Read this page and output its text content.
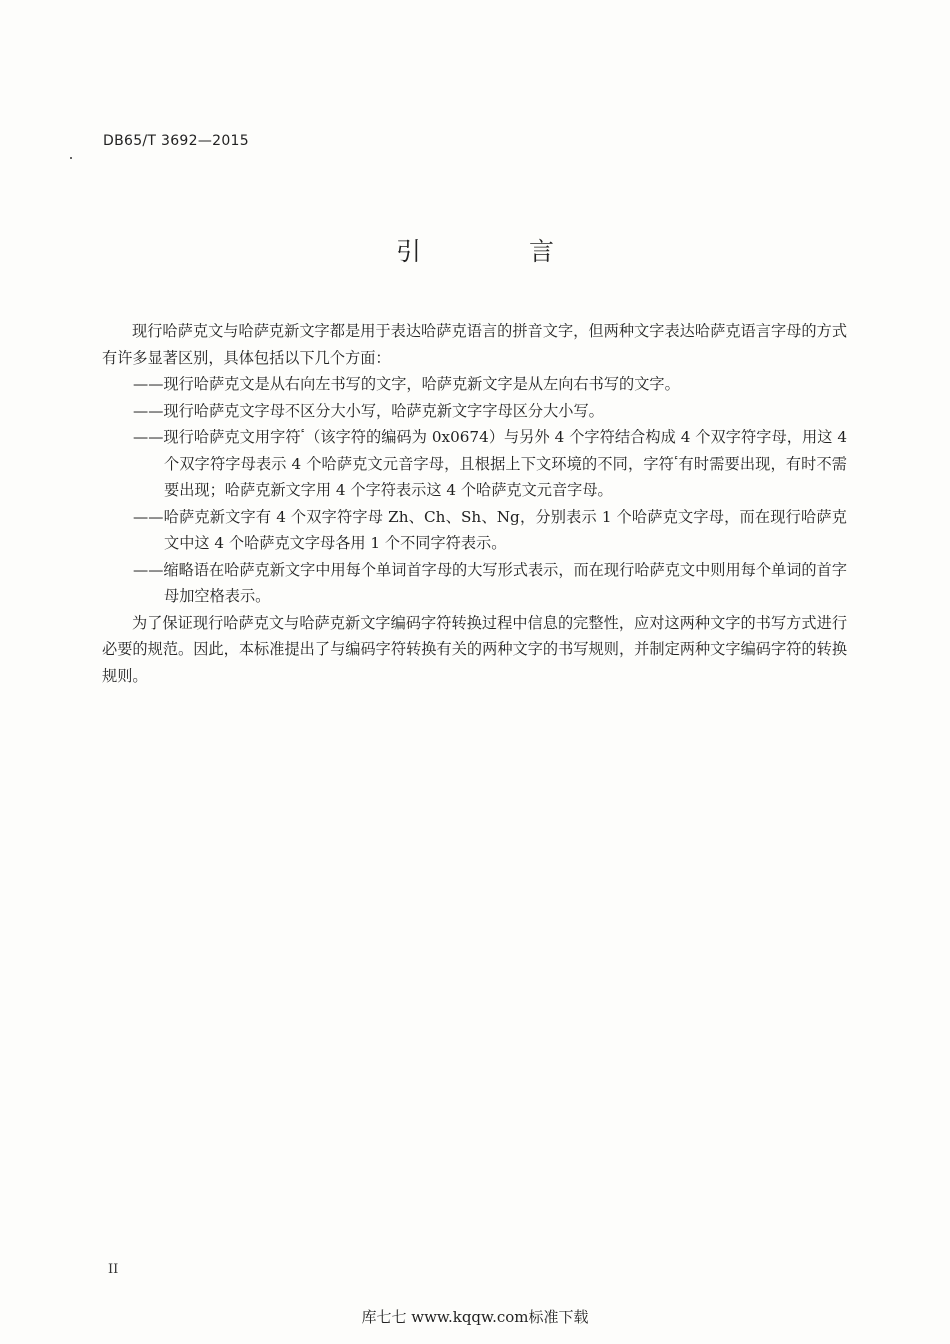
DB65/T 3692—2015
引 言

现行哈萨克文与哈萨克新文字都是用于表达哈萨克语言的拼音文字，但两种文字表达哈萨克语言字母的方式有许多显著区别，具体包括以下几个方面：

——现行哈萨克文是从右向左书写的文字，哈萨克新文字是从左向右书写的文字。

——现行哈萨克文字母不区分大小写，哈萨克新文字字母区分大小写。

——现行哈萨克文用字符ٴ（该字符的编码为 0x0674）与另外 4 个字符结合构成 4 个双字符字母，用这 4 个双字符字母表示 4 个哈萨克文元音字母，且根据上下文环境的不同，字符ٴ有时需要出现，有时不需要出现；哈萨克新文字用 4 个字符表示这 4 个哈萨克文元音字母。

——哈萨克新文字有 4 个双字符字母 Zh、Ch、Sh、Ng，分别表示 1 个哈萨克文字母，而在现行哈萨克文中这 4 个哈萨克文字母各用 1 个不同字符表示。

——缩略语在哈萨克新文字中用每个单词首字母的大写形式表示，而在现行哈萨克文中则用每个单词的首字母加空格表示。

为了保证现行哈萨克文与哈萨克新文字编码字符转换过程中信息的完整性，应对这两种文字的书写方式进行必要的规范。因此，本标准提出了与编码字符转换有关的两种文字的书写规则，并制定两种文字编码字符的转换规则。

II
库七七 www.kqqw.com标准下载
